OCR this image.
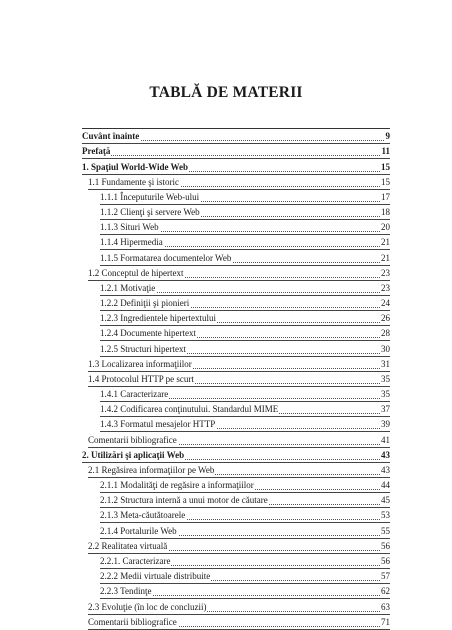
TABLĂ DE MATERII
Cuvânt înainte	9
Prefaţă	11
1. Spaţiul World-Wide Web	15
1.1 Fundamente şi istoric	15
1.1.1 Începuturile Web-ului	17
1.1.2 Clienţi şi servere Web	18
1.1.3 Situri Web	20
1.1.4 Hipermedia	21
1.1.5 Formatarea documentelor Web	21
1.2 Conceptul de hipertext	23
1.2.1 Motivaţie	23
1.2.2 Definiţii şi pionieri	24
1.2.3 Ingredientele hipertextului	26
1.2.4 Documente hipertext	28
1.2.5 Structuri hipertext	30
1.3 Localizarea informaţiilor	31
1.4 Protocolul HTTP pe scurt	35
1.4.1 Caracterizare	35
1.4.2 Codificarea conţinutului. Standardul MIME	37
1.4.3 Formatul mesajelor HTTP	39
Comentarii bibliografice	41
2. Utilizări şi aplicaţii Web	43
2.1 Regăsirea informaţiilor pe Web	43
2.1.1 Modalităţi de regăsire a informaţiilor	44
2.1.2 Structura internă a unui motor de căutare	45
2.1.3 Meta-căutătoarele	53
2.1.4 Portalurile Web	55
2.2 Realitatea virtuală	56
2.2.1. Caracterizare	56
2.2.2 Medii virtuale distribuite	57
2.2.3 Tendinţe	62
2.3 Evoluţie (în loc de concluzii)	63
Comentarii bibliografice	71
